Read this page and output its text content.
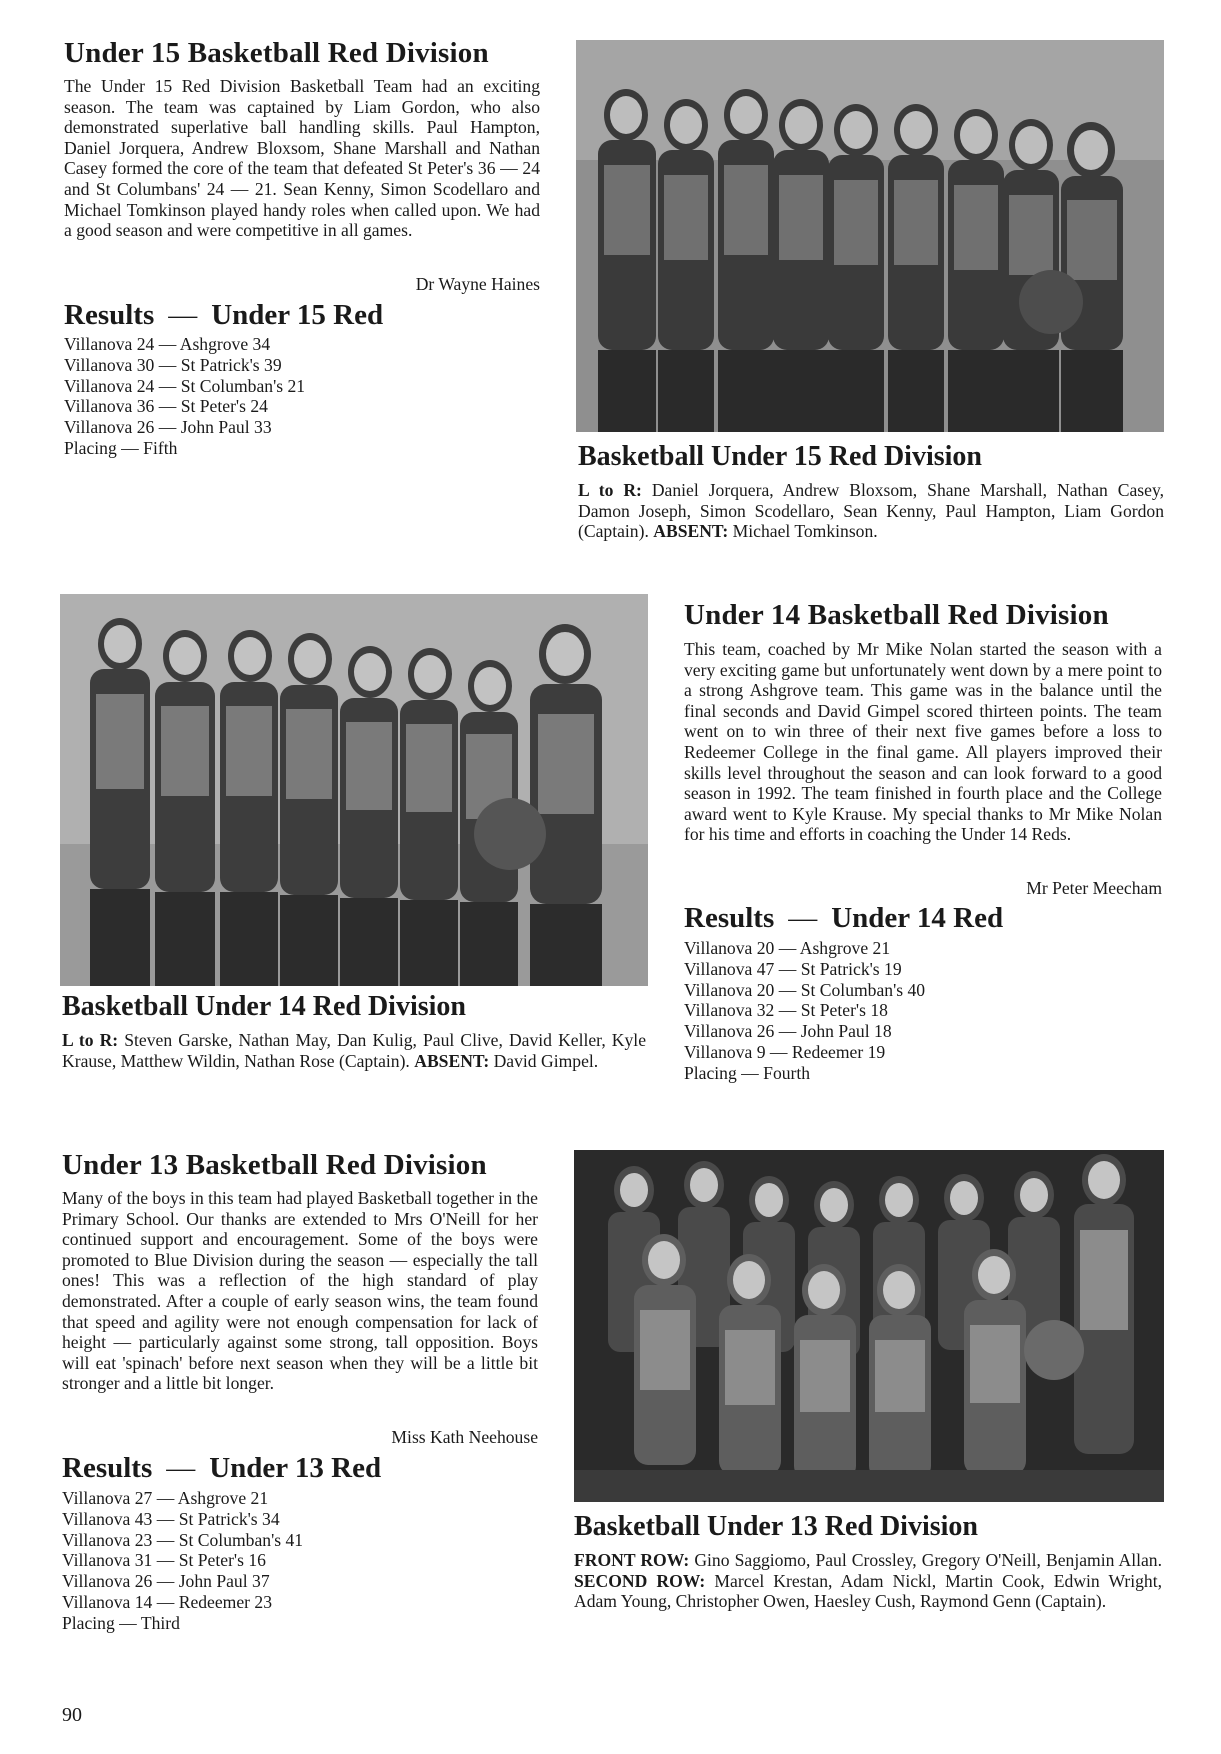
Under 15 Basketball Red Division

The Under 15 Red Division Basketball Team had an exciting season. The team was captained by Liam Gordon, who also demonstrated superlative ball handling skills. Paul Hampton, Daniel Jorquera, Andrew Bloxsom, Shane Marshall and Nathan Casey formed the core of the team that defeated St Peter's 36 — 24 and St Columbans' 24 — 21. Sean Kenny, Simon Scodellaro and Michael Tomkinson played handy roles when called upon. We had a good season and were competitive in all games.

Dr Wayne Haines

Results — Under 15 Red
Villanova 24 — Ashgrove 34
Villanova 30 — St Patrick's 39
Villanova 24 — St Columban's 21
Villanova 36 — St Peter's 24
Villanova 26 — John Paul 33
Placing — Fifth	Basketball Under 15 Red Division

L to R: Daniel Jorquera, Andrew Bloxsom, Shane Marshall, Nathan Casey, Damon Joseph, Simon Scodellaro, Sean Kenny, Paul Hampton, Liam Gordon (Captain). ABSENT: Michael Tomkinson.

Basketball Under 14 Red Division

L to R: Steven Garske, Nathan May, Dan Kulig, Paul Clive, David Keller, Kyle Krause, Matthew Wildin, Nathan Rose (Captain). ABSENT: David Gimpel.

Under 14 Basketball Red Division

This team, coached by Mr Mike Nolan started the season with a very exciting game but unfortunately went down by a mere point to a strong Ashgrove team. This game was in the balance until the final seconds and David Gimpel scored thirteen points. The team went on to win three of their next five games before a loss to Redeemer College in the final game. All players improved their skills level throughout the season and can look forward to a good season in 1992. The team finished in fourth place and the College award went to Kyle Krause. My special thanks to Mr Mike Nolan for his time and efforts in coaching the Under 14 Reds.

Mr Peter Meecham

Results — Under 14 Red
Villanova 20 — Ashgrove 21
Villanova 47 — St Patrick's 19
Villanova 20 — St Columban's 40
Villanova 32 — St Peter's 18
Villanova 26 — John Paul 18
Villanova 9 — Redeemer 19
Placing — Fourth
Under 13 Basketball Red Division

Many of the boys in this team had played Basketball together in the Primary School. Our thanks are extended to Mrs O'Neill for her continued support and encouragement. Some of the boys were promoted to Blue Division during the season — especially the tall ones! This was a reflection of the high standard of play demonstrated. After a couple of early season wins, the team found that speed and agility were not enough compensation for lack of height — particularly against some strong, tall opposition. Boys will eat 'spinach' before next season when they will be a little bit stronger and a little bit longer.

Miss Kath Neehouse

Results — Under 13 Red
Villanova 27 — Ashgrove 21
Villanova 43 — St Patrick's 34
Villanova 23 — St Columban's 41
Villanova 31 — St Peter's 16
Villanova 26 — John Paul 37
Villanova 14 — Redeemer 23
Placing — Third
Basketball Under 13 Red Division

FRONT ROW: Gino Saggiomo, Paul Crossley, Gregory O'Neill, Benjamin Allan. SECOND ROW: Marcel Krestan, Adam Nickl, Martin Cook, Edwin Wright, Adam Young, Christopher Owen, Haesley Cush, Raymond Genn (Captain).

90
